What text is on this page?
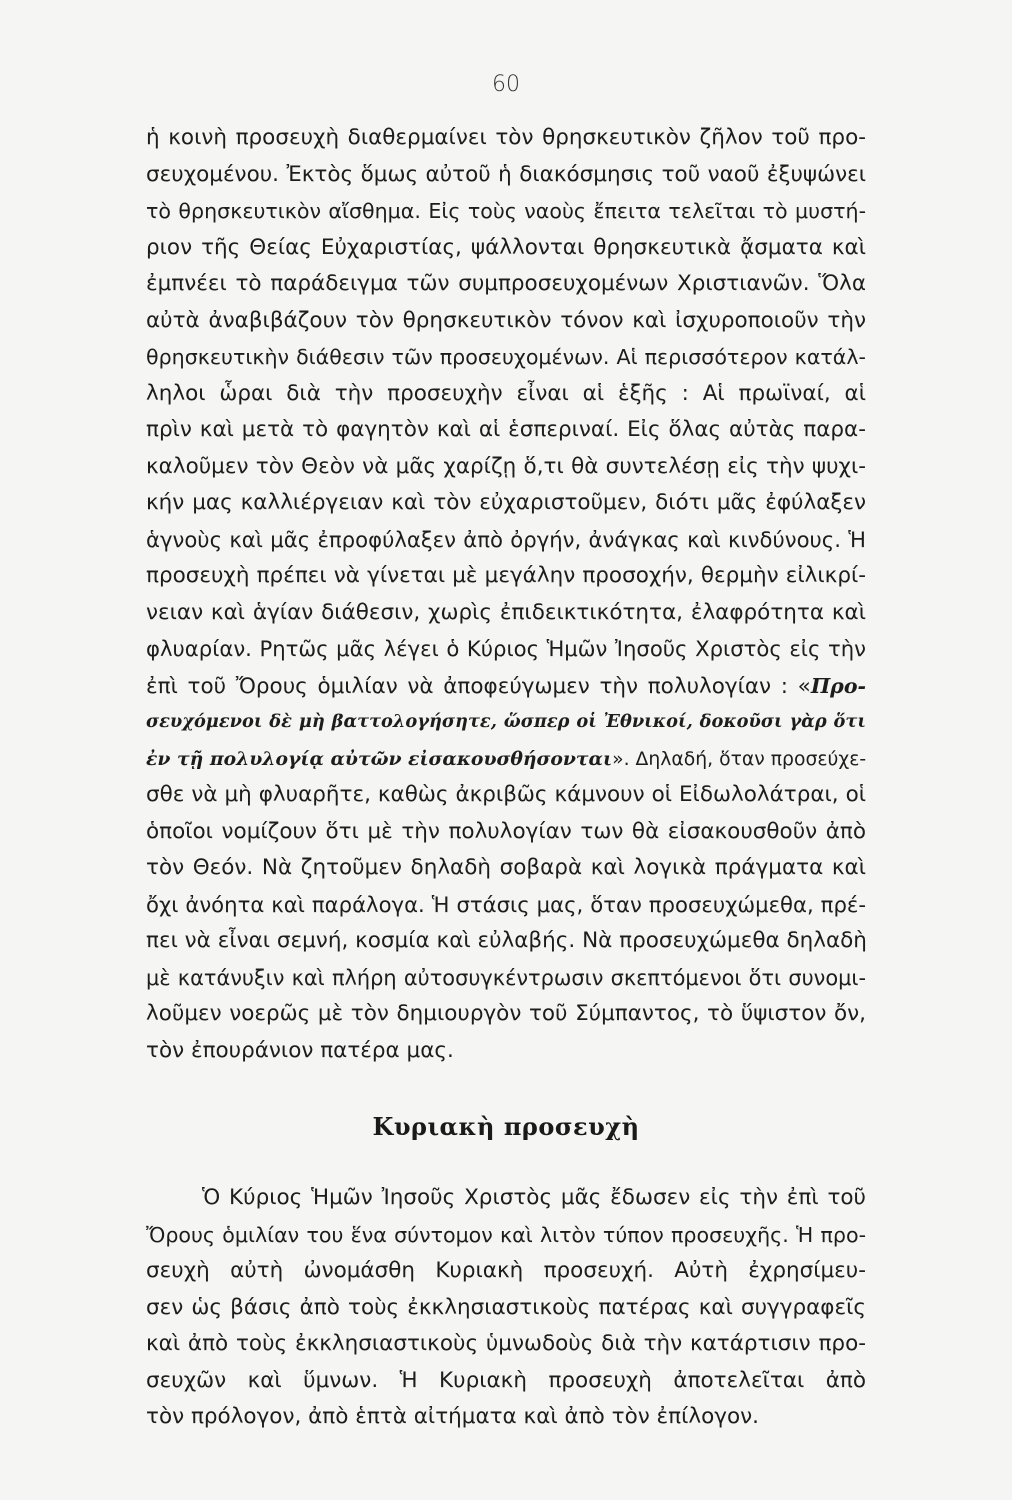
60
ἡ κοινὴ προσευχὴ διαθερμαίνει τὸν θρησκευτικὸν ζῆλον τοῦ προ-
σευχομένου. Ἐκτὸς ὅμως αὐτοῦ ἡ διακόσμησις τοῦ ναοῦ ἐξυψώνει
τὸ θρησκευτικὸν αἴσθημα. Εἰς τοὺς ναοὺς ἔπειτα τελεῖται τὸ μυστή-
ριον τῆς Θείας Εὐχαριστίας, ψάλλονται θρησκευτικὰ ᾄσματα καὶ
ἐμπνέει τὸ παράδειγμα τῶν συμπροσευχομένων Χριστιανῶν. Ὅλα
αὐτὰ ἀναβιβάζουν τὸν θρησκευτικὸν τόνον καὶ ἰσχυροποιοῦν τὴν
θρησκευτικὴν διάθεσιν τῶν προσευχομένων. Αἱ περισσότερον κατάλ-
ληλοι ὧραι διὰ τὴν προσευχὴν εἶναι αἱ ἑξῆς : Αἱ πρωϊναί, αἱ
πρὶν καὶ μετὰ τὸ φαγητὸν καὶ αἱ ἑσπεριναί. Εἰς ὅλας αὐτὰς παρα-
καλοῦμεν τὸν Θεὸν νὰ μᾶς χαρίζῃ ὅ,τι θὰ συντελέσῃ εἰς τὴν ψυχι-
κήν μας καλλιέργειαν καὶ τὸν εὐχαριστοῦμεν, διότι μᾶς ἐφύλαξεν
ἁγνοὺς καὶ μᾶς ἐπροφύλαξεν ἀπὸ ὀργήν, ἀνάγκας καὶ κινδύνους. Ἡ
προσευχὴ πρέπει νὰ γίνεται μὲ μεγάλην προσοχήν, θερμὴν εἰλικρί-
νειαν καὶ ἁγίαν διάθεσιν, χωρὶς ἐπιδεικτικότητα, ἐλαφρότητα καὶ
φλυαρίαν. Ρητῶς μᾶς λέγει ὁ Κύριος Ἡμῶν Ἰησοῦς Χριστὸς εἰς τὴν
ἐπὶ τοῦ Ὄρους ὁμιλίαν νὰ ἀποφεύγωμεν τὴν πολυλογίαν : «Προ-
σευχόμενοι δὲ μὴ βαττολογήσητε, ὥσπερ οἱ Ἐθνικοί, δοκοῦσι γὰρ ὅτι
ἐν τῇ πολυλογίᾳ αὐτῶν εἰσακουσθήσονται». Δηλαδή, ὅταν προσεύχε-
σθε νὰ μὴ φλυαρῆτε, καθὼς ἀκριβῶς κάμνουν οἱ Εἰδωλολάτραι, οἱ
ὁποῖοι νομίζουν ὅτι μὲ τὴν πολυλογίαν των θὰ εἰσακουσθοῦν ἀπὸ
τὸν Θεόν. Νὰ ζητοῦμεν δηλαδὴ σοβαρὰ καὶ λογικὰ πράγματα καὶ
ὄχι ἀνόητα καὶ παράλογα. Ἡ στάσις μας, ὅταν προσευχώμεθα, πρέ-
πει νὰ εἶναι σεμνή, κοσμία καὶ εὐλαβής. Νὰ προσευχώμεθα δηλαδὴ
μὲ κατάνυξιν καὶ πλήρη αὐτοσυγκέντρωσιν σκεπτόμενοι ὅτι συνομι-
λοῦμεν νοερῶς μὲ τὸν δημιουργὸν τοῦ Σύμπαντος, τὸ ὕψιστον ὄν,
τὸν ἐπουράνιον πατέρα μας.
Κυριακὴ προσευχὴ
Ὁ Κύριος Ἡμῶν Ἰησοῦς Χριστὸς μᾶς ἔδωσεν εἰς τὴν ἐπὶ τοῦ
Ὄρους ὁμιλίαν του ἕνα σύντομον καὶ λιτὸν τύπον προσευχῆς. Ἡ προ-
σευχὴ αὐτὴ ὠνομάσθη Κυριακὴ προσευχή. Αὐτὴ ἐχρησίμευ-
σεν ὡς βάσις ἀπὸ τοὺς ἐκκλησιαστικοὺς πατέρας καὶ συγγραφεῖς
καὶ ἀπὸ τοὺς ἐκκλησιαστικοὺς ὑμνωδοὺς διὰ τὴν κατάρτισιν προ-
σευχῶν καὶ ὕμνων. Ἡ Κυριακὴ προσευχὴ ἀποτελεῖται ἀπὸ
τὸν πρόλογον, ἀπὸ ἑπτὰ αἰτήματα καὶ ἀπὸ τὸν ἐπίλογον.
